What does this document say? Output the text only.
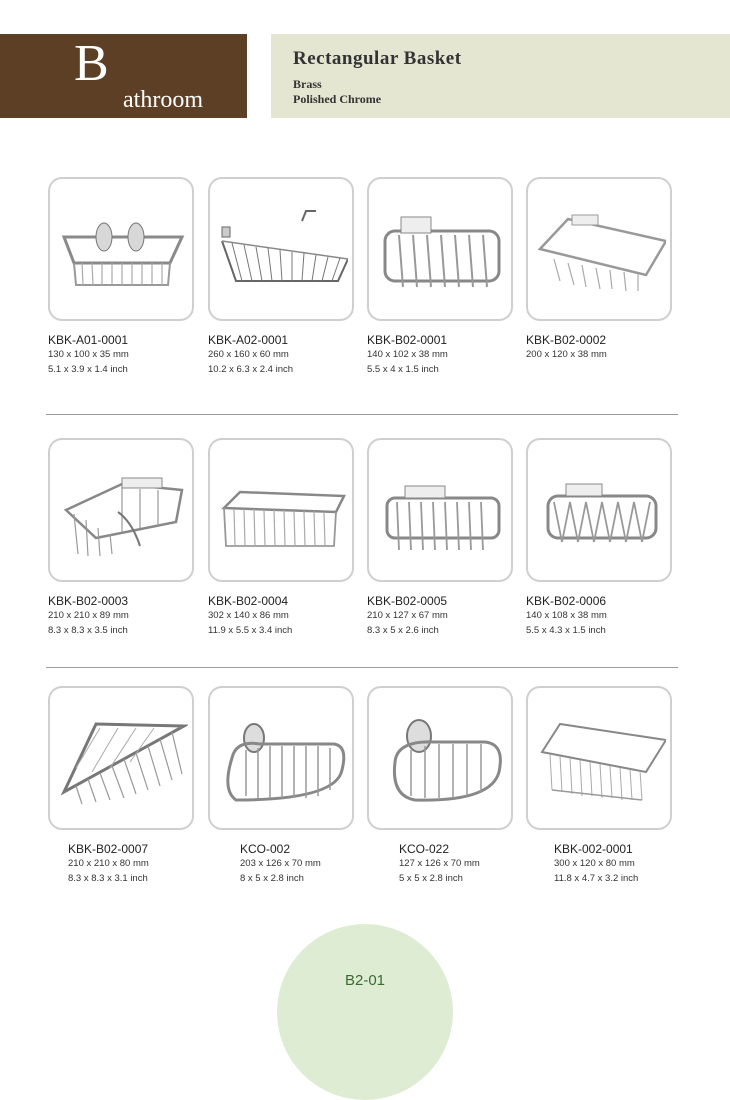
B
athroom
Accessories
Rectangular Basket
Brass
Polished Chrome
KBK-A01-0001
130 x 100 x 35 mm
5.1 x 3.9 x 1.4 inch
KBK-A02-0001
260 x 160 x 60 mm
10.2 x 6.3 x 2.4 inch
KBK-B02-0001
140 x 102 x 38 mm
5.5 x 4 x 1.5 inch
KBK-B02-0002
200 x 120 x 38 mm
KBK-B02-0003
210 x 210 x 89 mm
8.3 x 8.3 x 3.5 inch
KBK-B02-0004
302 x 140 x 86 mm
11.9 x 5.5 x 3.4 inch
KBK-B02-0005
210 x 127 x 67 mm
8.3 x 5 x 2.6 inch
KBK-B02-0006
140 x 108 x 38 mm
5.5 x 4.3 x 1.5 inch
KBK-B02-0007
210 x 210 x 80 mm
8.3 x 8.3 x 3.1 inch
KCO-002
203 x 126 x 70 mm
8 x 5 x 2.8 inch
KCO-022
127 x 126 x 70 mm
5 x 5 x 2.8 inch
KBK-002-0001
300 x 120 x 80 mm
11.8 x 4.7 x 3.2 inch
B2-01
